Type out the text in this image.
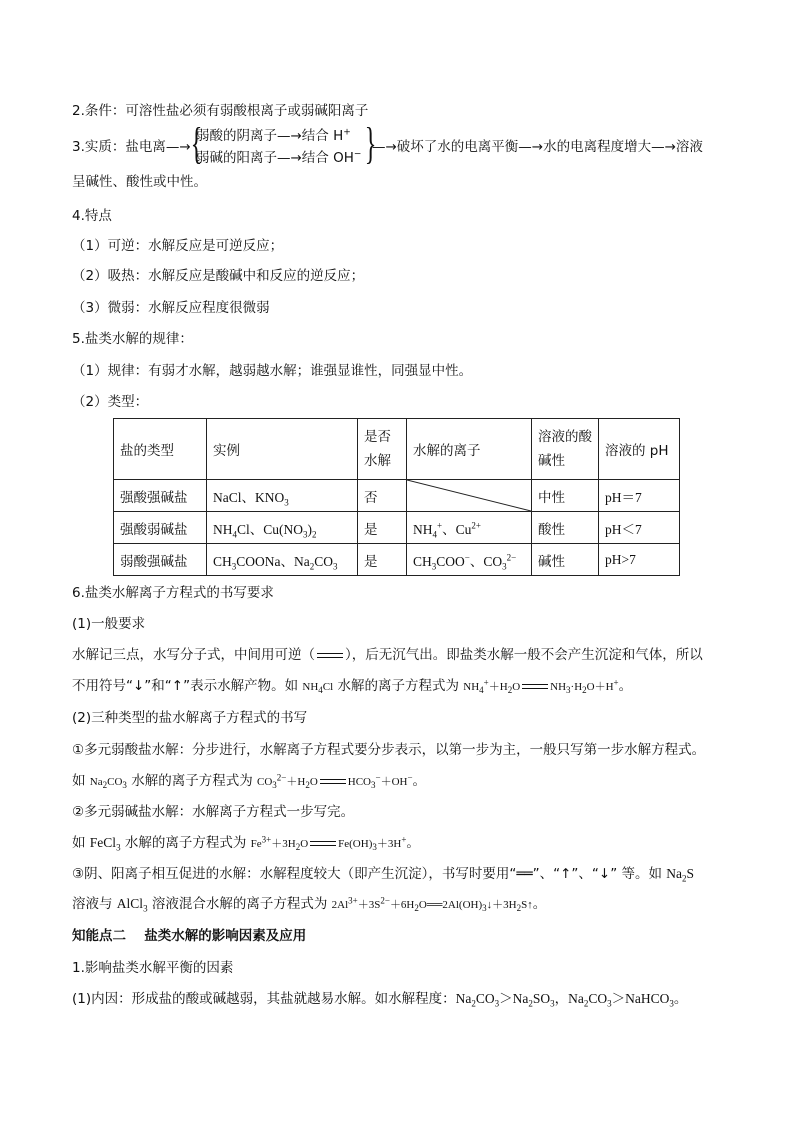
2.条件：可溶性盐必须有弱酸根离子或弱碱阳离子
3.实质：盐电离—→ {
弱酸的阴离子—→结合 H+
弱碱的阳离子—→结合 OH− }
—→破坏了水的电离平衡—→水的电离程度增大—→溶液
呈碱性、酸性或中性。
4.特点
（1）可逆：水解反应是可逆反应；
（2）吸热：水解反应是酸碱中和反应的逆反应；
（3）微弱：水解反应程度很微弱
5.盐类水解的规律：
（1）规律：有弱才水解，越弱越水解；谁强显谁性，同强显中性。
（2）类型：
盐的类型	实例	是否水解	水解的离子	溶液的酸碱性	溶液的 pH
强酸强碱盐	NaCl、$KNO_3$	否		中性	pH＝7
强酸弱碱盐	$NH_4Cl$、$Cu(NO_3)_2$	是	$NH_4^+$、$Cu^{2+}$	酸性	pH＜7
弱酸强碱盐	$CH_3COONa$、$Na_2CO_3$	是	$CH_3COO^-$、$CO_3^{2-}$	碱性	pH>7
6.盐类水解离子方程式的书写要求
(1)一般要求
水解记三点，水写分子式，中间用可逆（ ），后无沉气出。即盐类水解一般不会产生沉淀和气体，所以
不用符号“↓”和“↑”表示水解产物。如 $NH_4Cl$ 水解的离子方程式为 $NH_4^++H_2O$	$NH_3\cdot H_2O+H^+$。
(2)三种类型的盐水解离子方程式的书写
①多元弱酸盐水解：分步进行，水解离子方程式要分步表示，以第一步为主，一般只写第一步水解方程式。
如 $Na_2CO_3$ 水解的离子方程式为 $CO_3^{2-}+H_2O$	$HCO_3^-+OH^-$。
②多元弱碱盐水解：水解离子方程式一步写完。
如 FeCl$_3$ 水解的离子方程式为 $Fe^{3+}+3H_2O$	$Fe(OH)_3+3H^+$。
③阴、阳离子相互促进的水解：水解程度较大（即产生沉淀），书写时要用“══”、“↑”、“↓” 等。如 $Na_2S$
溶液与 AlCl$_3$ 溶液混合水解的离子方程式为 $2Al^{3+}+3S^{2-}+6H_2O══2Al(OH)_3↓+3H_2S↑$。
知能点二　 盐类水解的影响因素及应用
1.影响盐类水解平衡的因素
(1)内因：形成盐的酸或碱越弱，其盐就越易水解。如水解程度：$Na_2CO_3>Na_2SO_3$，$Na_2CO_3>NaHCO_3$。
